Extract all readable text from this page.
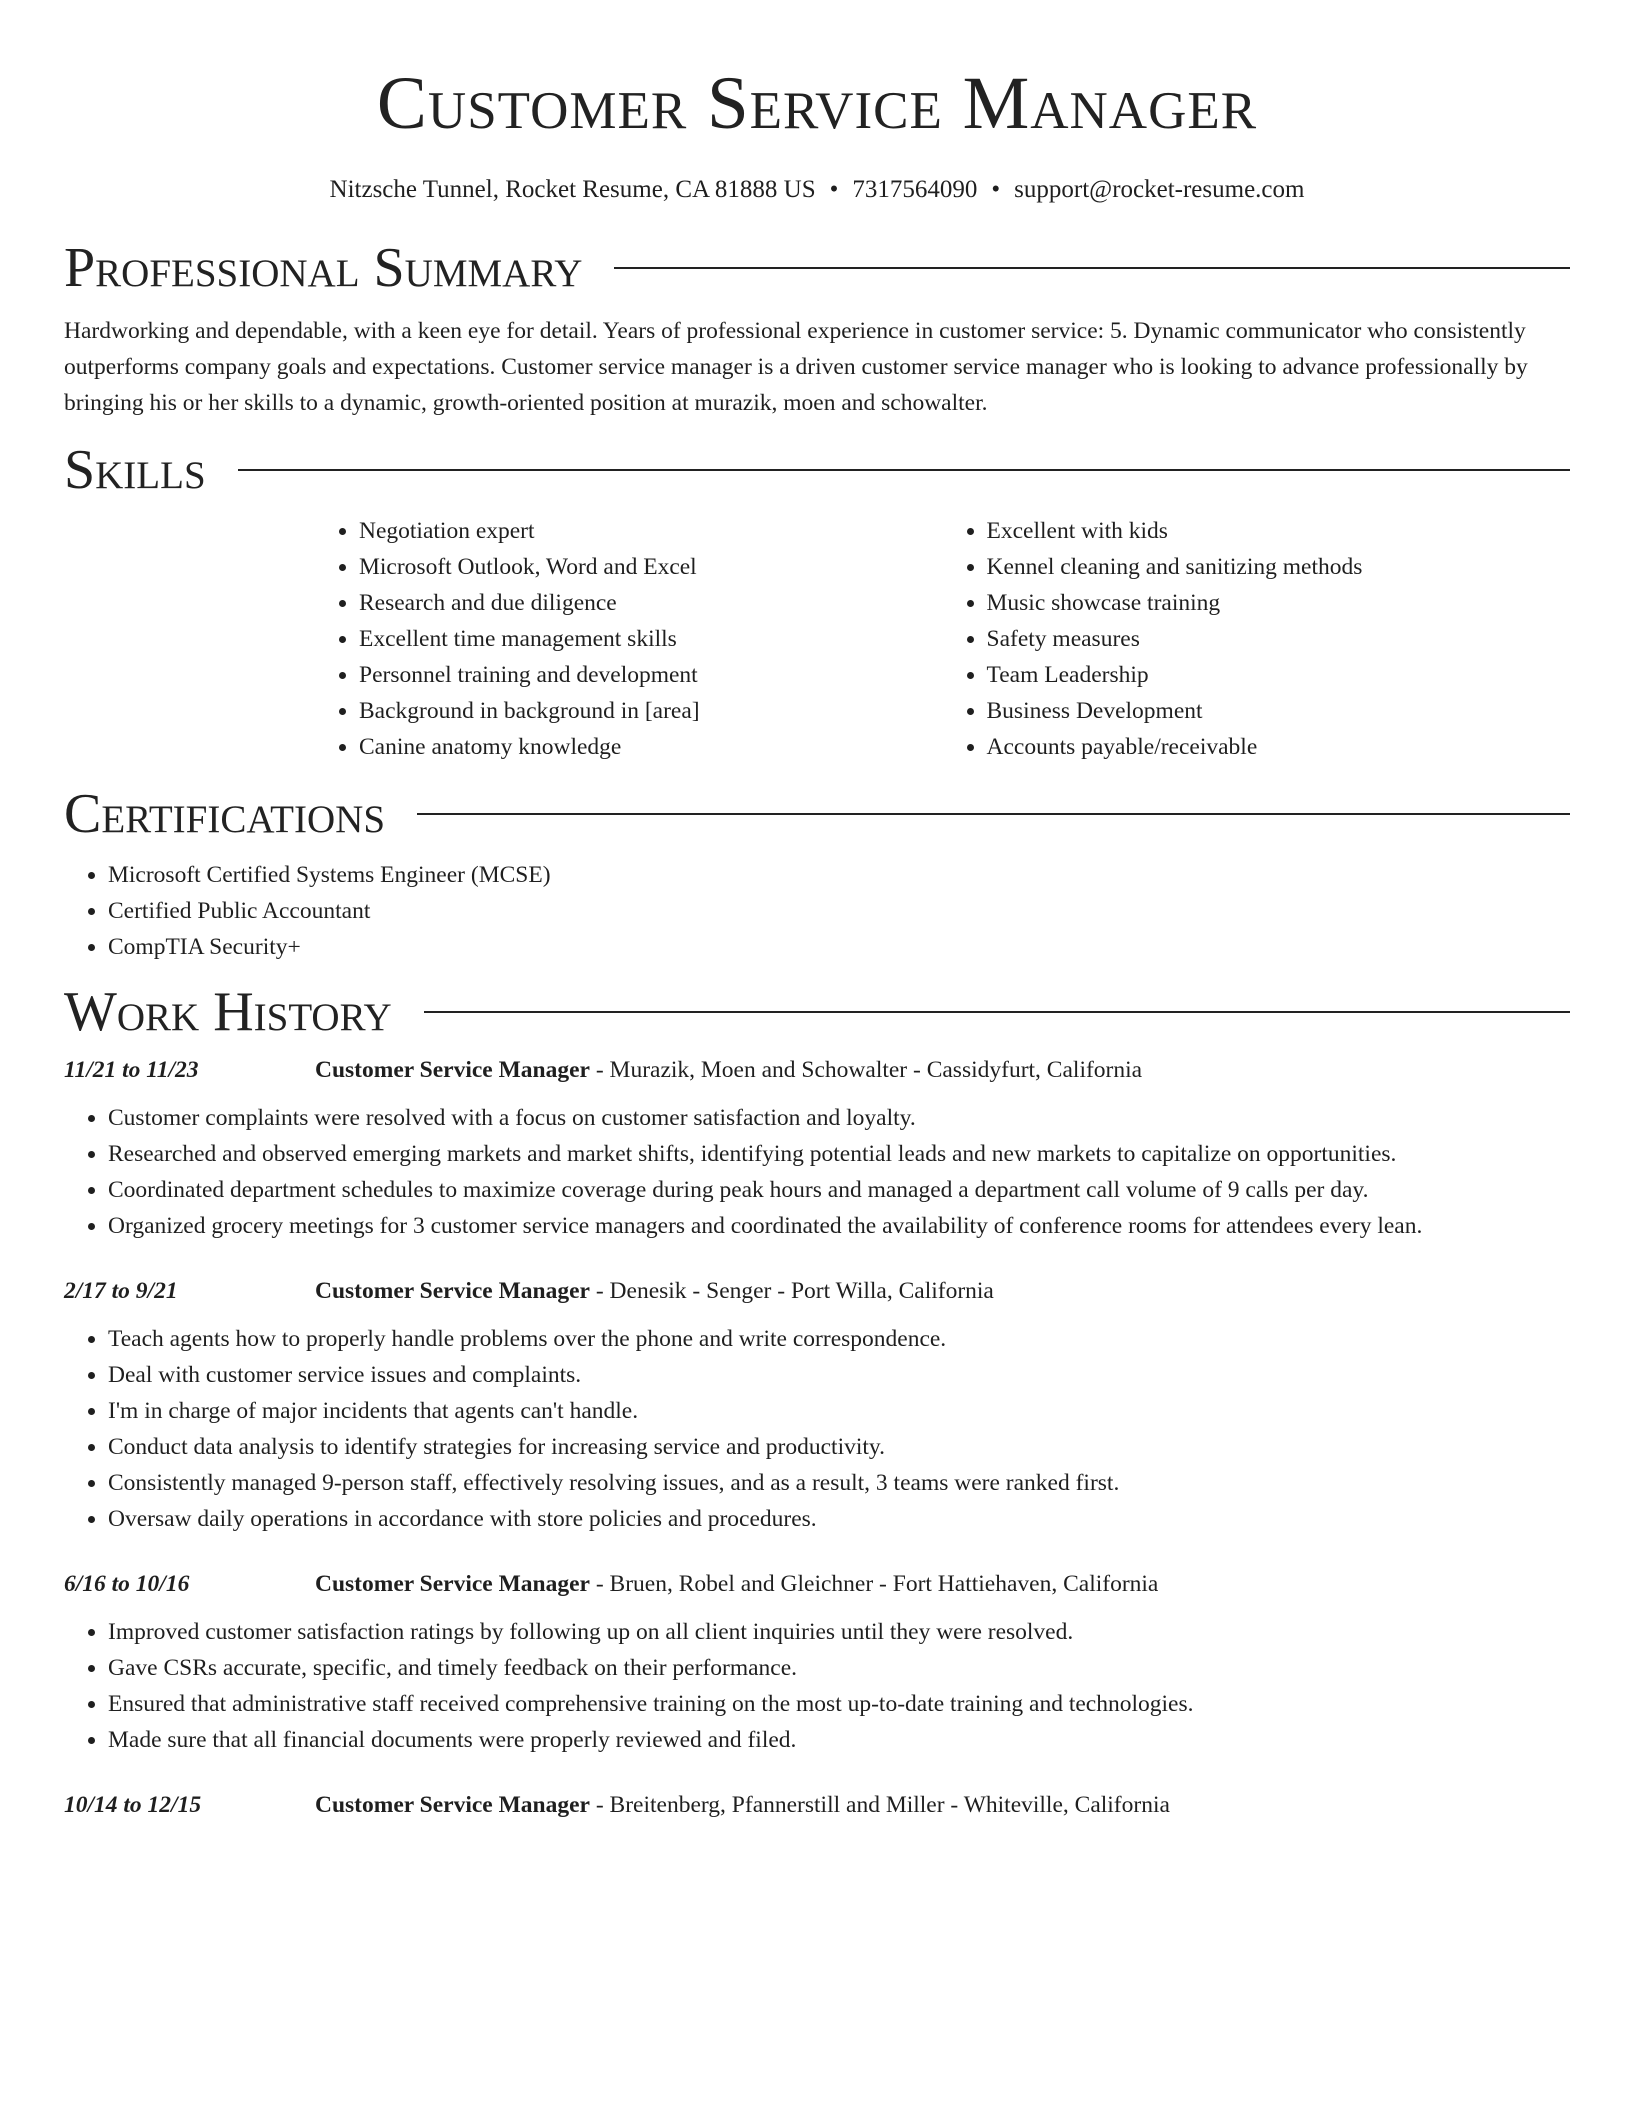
Customer Service Manager
Nitzsche Tunnel, Rocket Resume, CA 81888 US • 7317564090 • support@rocket-resume.com
Professional Summary

Hardworking and dependable, with a keen eye for detail. Years of professional experience in customer service: 5. Dynamic communicator who consistently outperforms company goals and expectations. Customer service manager is a driven customer service manager who is looking to advance professionally by bringing his or her skills to a dynamic, growth-oriented position at murazik, moen and schowalter.

Skills
• Negotiation expert
• Microsoft Outlook, Word and Excel
• Research and due diligence
• Excellent time management skills
• Personnel training and development
• Background in background in [area]
• Canine anatomy knowledge
• Excellent with kids
• Kennel cleaning and sanitizing methods
• Music showcase training
• Safety measures
• Team Leadership
• Business Development
• Accounts payable/receivable
Certifications
• Microsoft Certified Systems Engineer (MCSE)
• Certified Public Accountant
• CompTIA Security+
Work History
11/21 to 11/23	Customer Service Manager - Murazik, Moen and Schowalter - Cassidyfurt, California
• Customer complaints were resolved with a focus on customer satisfaction and loyalty.
• Researched and observed emerging markets and market shifts, identifying potential leads and new markets to capitalize on opportunities.
• Coordinated department schedules to maximize coverage during peak hours and managed a department call volume of 9 calls per day.
• Organized grocery meetings for 3 customer service managers and coordinated the availability of conference rooms for attendees every lean.
2/17 to 9/21	Customer Service Manager - Denesik - Senger - Port Willa, California
• Teach agents how to properly handle problems over the phone and write correspondence.
• Deal with customer service issues and complaints.
• I'm in charge of major incidents that agents can't handle.
• Conduct data analysis to identify strategies for increasing service and productivity.
• Consistently managed 9-person staff, effectively resolving issues, and as a result, 3 teams were ranked first.
• Oversaw daily operations in accordance with store policies and procedures.
6/16 to 10/16	Customer Service Manager - Bruen, Robel and Gleichner - Fort Hattiehaven, California
• Improved customer satisfaction ratings by following up on all client inquiries until they were resolved.
• Gave CSRs accurate, specific, and timely feedback on their performance.
• Ensured that administrative staff received comprehensive training on the most up-to-date training and technologies.
• Made sure that all financial documents were properly reviewed and filed.
10/14 to 12/15	Customer Service Manager - Breitenberg, Pfannerstill and Miller - Whiteville, California
